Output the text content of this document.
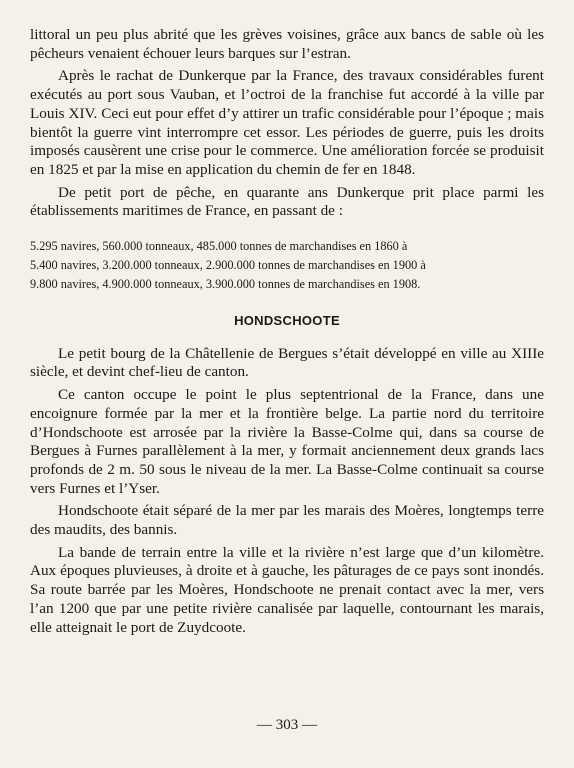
littoral un peu plus abrité que les grèves voisines, grâce aux bancs de sable où les pêcheurs venaient échouer leurs barques sur l’estran.

Après le rachat de Dunkerque par la France, des travaux considérables furent exécutés au port sous Vauban, et l’octroi de la franchise fut accordé à la ville par Louis XIV. Ceci eut pour effet d’y attirer un trafic considérable pour l’époque ; mais bientôt la guerre vint interrompre cet essor. Les périodes de guerre, puis les droits imposés causèrent une crise pour le commerce. Une amélioration forcée se produisit en 1825 et par la mise en application du chemin de fer en 1848.

De petit port de pêche, en quarante ans Dunkerque prit place parmi les établissements maritimes de France, en passant de :

5.295 navires, 560.000 tonneaux, 485.000 tonnes de marchandises en 1860 à
5.400 navires, 3.200.000 tonneaux, 2.900.000 tonnes de marchandises en 1900 à
9.800 navires, 4.900.000 tonneaux, 3.900.000 tonnes de marchandises en 1908.
HONDSCHOOTE

Le petit bourg de la Châtellenie de Bergues s’était développé en ville au XIIIe siècle, et devint chef-lieu de canton.

Ce canton occupe le point le plus septentrional de la France, dans une encoignure formée par la mer et la frontière belge. La partie nord du territoire d’Hondschoote est arrosée par la rivière la Basse-Colme qui, dans sa course de Bergues à Furnes parallèlement à la mer, y formait anciennement deux grands lacs profonds de 2 m. 50 sous le niveau de la mer. La Basse-Colme continuait sa course vers Furnes et l’Yser.

Hondschoote était séparé de la mer par les marais des Moères, longtemps terre des maudits, des bannis.

La bande de terrain entre la ville et la rivière n’est large que d’un kilomètre. Aux époques pluvieuses, à droite et à gauche, les pâturages de ce pays sont inondés. Sa route barrée par les Moères, Hondschoote ne prenait contact avec la mer, vers l’an 1200 que par une petite rivière canalisée par laquelle, contournant les marais, elle atteignait le port de Zuydcoote.

— 303 —
